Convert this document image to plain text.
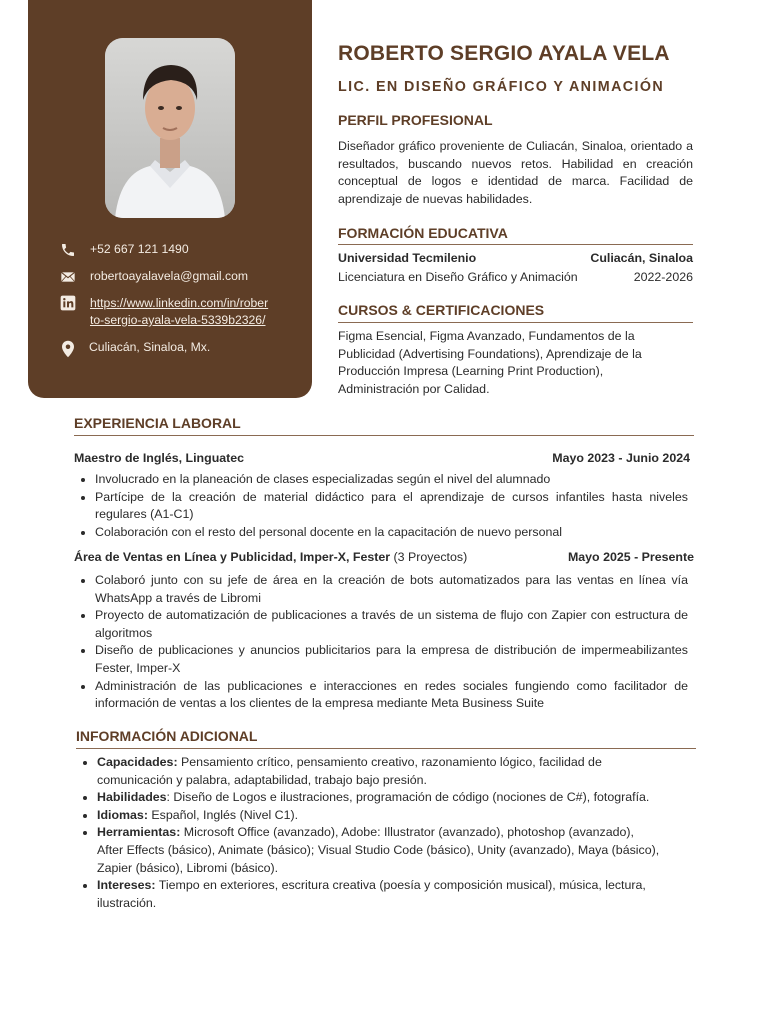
+52 667 121 1490
robertoayalavela@gmail.com
https://www.linkedin.com/in/rober
to-sergio-ayala-vela-5339b2326/
Culiacán, Sinaloa, Mx.
ROBERTO SERGIO AYALA VELA
LIC. EN DISEÑO GRÁFICO Y ANIMACIÓN
PERFIL PROFESIONAL
Diseñador gráfico proveniente de Culiacán, Sinaloa, orientado a resultados, buscando nuevos retos. Habilidad en creación conceptual de logos e identidad de marca. Facilidad de aprendizaje de nuevas habilidades.
FORMACIÓN EDUCATIVA
Universidad Tecmilenio	Culiacán, Sinaloa
Licenciatura en Diseño Gráfico y Animación	2022-2026
CURSOS & CERTIFICACIONES
Figma Esencial, Figma Avanzado, Fundamentos de la Publicidad (Advertising Foundations), Aprendizaje de la Producción Impresa (Learning Print Production), Administración por Calidad.
EXPERIENCIA LABORAL
Maestro de Inglés, Linguatec	Mayo 2023 - Junio 2024
• Involucrado en la planeación de clases especializadas según el nivel del alumnado
• Partícipe de la creación de material didáctico para el aprendizaje de cursos infantiles hasta niveles regulares (A1-C1)
• Colaboración con el resto del personal docente en la capacitación de nuevo personal
Área de Ventas en Línea y Publicidad, Imper-X, Fester (3 Proyectos)	Mayo 2025 - Presente
• Colaboró junto con su jefe de área en la creación de bots automatizados para las ventas en línea vía WhatsApp a través de Libromi
• Proyecto de automatización de publicaciones a través de un sistema de flujo con Zapier con estructura de algoritmos
• Diseño de publicaciones y anuncios publicitarios para la empresa de distribución de impermeabilizantes Fester, Imper-X
• Administración de las publicaciones e interacciones en redes sociales fungiendo como facilitador de información de ventas a los clientes de la empresa mediante Meta Business Suite
INFORMACIÓN ADICIONAL
• Capacidades: Pensamiento crítico, pensamiento creativo, razonamiento lógico, facilidad de comunicación y palabra, adaptabilidad, trabajo bajo presión.
• Habilidades: Diseño de Logos e ilustraciones, programación de código (nociones de C#), fotografía.
• Idiomas: Español, Inglés (Nivel C1).
• Herramientas: Microsoft Office (avanzado), Adobe: Illustrator (avanzado), photoshop (avanzado), After Effects (básico), Animate (básico); Visual Studio Code (básico), Unity (avanzado), Maya (básico), Zapier (básico), Libromi (básico).
• Intereses: Tiempo en exteriores, escritura creativa (poesía y composición musical), música, lectura, ilustración.
